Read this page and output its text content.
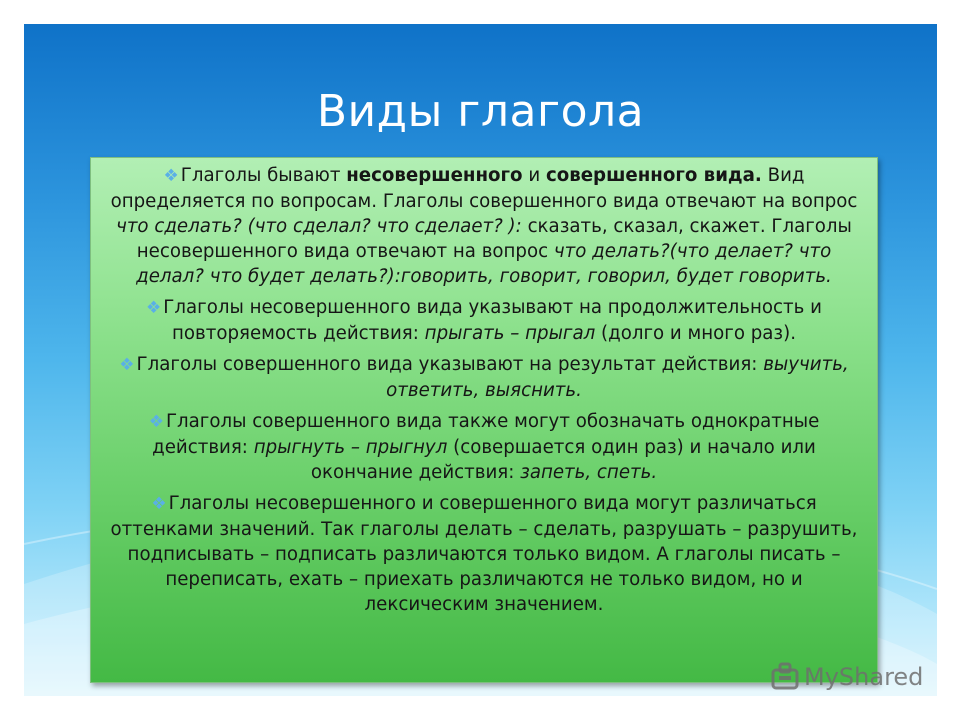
Виды глагола

❖ Глаголы бывают несовершенного и совершенного вида. Вид определяется по вопросам. Глаголы совершенного вида отвечают на вопрос что сделать? (что сделал? что сделает? ): сказать, сказал, скажет. Глаголы несовершенного вида отвечают на вопрос что делать?(что делает? что делал? что будет делать?):говорить, говорит, говорил, будет говорить.

❖ Глаголы несовершенного вида указывают на продолжительность и повторяемость действия: прыгать – прыгал (долго и много раз).

❖ Глаголы совершенного вида указывают на результат действия: выучить, ответить, выяснить.

❖ Глаголы совершенного вида также могут обозначать однократные действия: прыгнуть – прыгнул (совершается один раз) и начало или окончание действия: запеть, спеть.

❖ Глаголы несовершенного и совершенного вида могут различаться оттенками значений. Так глаголы делать – сделать, разрушать – разрушить, подписывать – подписать различаются только видом. А глаголы писать – переписать, ехать – приехать различаются не только видом, но и лексическим значением.

MyShared
